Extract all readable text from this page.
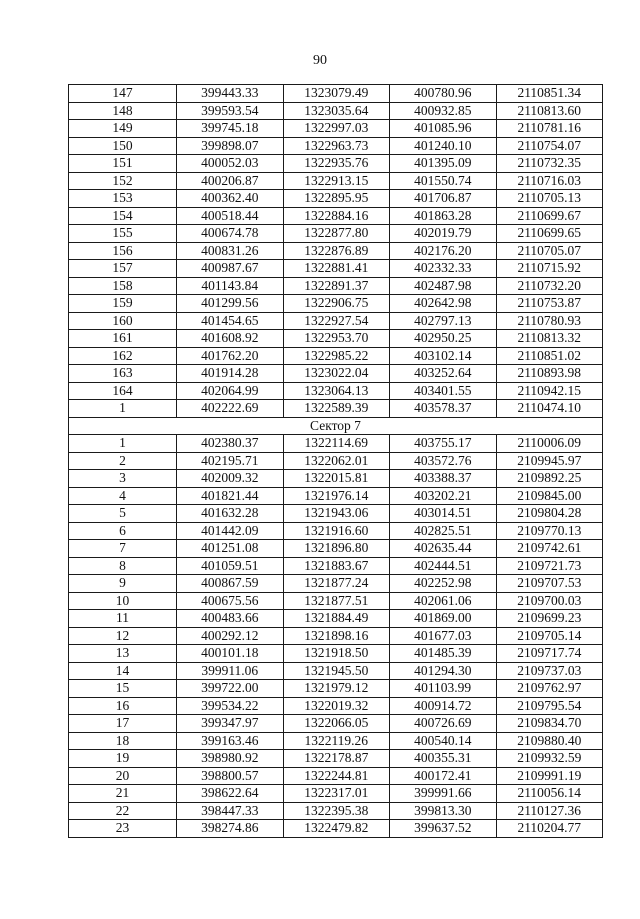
90
147	399443.33	1323079.49	400780.96	2110851.34
148	399593.54	1323035.64	400932.85	2110813.60
149	399745.18	1322997.03	401085.96	2110781.16
150	399898.07	1322963.73	401240.10	2110754.07
151	400052.03	1322935.76	401395.09	2110732.35
152	400206.87	1322913.15	401550.74	2110716.03
153	400362.40	1322895.95	401706.87	2110705.13
154	400518.44	1322884.16	401863.28	2110699.67
155	400674.78	1322877.80	402019.79	2110699.65
156	400831.26	1322876.89	402176.20	2110705.07
157	400987.67	1322881.41	402332.33	2110715.92
158	401143.84	1322891.37	402487.98	2110732.20
159	401299.56	1322906.75	402642.98	2110753.87
160	401454.65	1322927.54	402797.13	2110780.93
161	401608.92	1322953.70	402950.25	2110813.32
162	401762.20	1322985.22	403102.14	2110851.02
163	401914.28	1323022.04	403252.64	2110893.98
164	402064.99	1323064.13	403401.55	2110942.15
1	402222.69	1322589.39	403578.37	2110474.10
Сектор 7				
1	402380.37	1322114.69	403755.17	2110006.09
2	402195.71	1322062.01	403572.76	2109945.97
3	402009.32	1322015.81	403388.37	2109892.25
4	401821.44	1321976.14	403202.21	2109845.00
5	401632.28	1321943.06	403014.51	2109804.28
6	401442.09	1321916.60	402825.51	2109770.13
7	401251.08	1321896.80	402635.44	2109742.61
8	401059.51	1321883.67	402444.51	2109721.73
9	400867.59	1321877.24	402252.98	2109707.53
10	400675.56	1321877.51	402061.06	2109700.03
11	400483.66	1321884.49	401869.00	2109699.23
12	400292.12	1321898.16	401677.03	2109705.14
13	400101.18	1321918.50	401485.39	2109717.74
14	399911.06	1321945.50	401294.30	2109737.03
15	399722.00	1321979.12	401103.99	2109762.97
16	399534.22	1322019.32	400914.72	2109795.54
17	399347.97	1322066.05	400726.69	2109834.70
18	399163.46	1322119.26	400540.14	2109880.40
19	398980.92	1322178.87	400355.31	2109932.59
20	398800.57	1322244.81	400172.41	2109991.19
21	398622.64	1322317.01	399991.66	2110056.14
22	398447.33	1322395.38	399813.30	2110127.36
23	398274.86	1322479.82	399637.52	2110204.77
